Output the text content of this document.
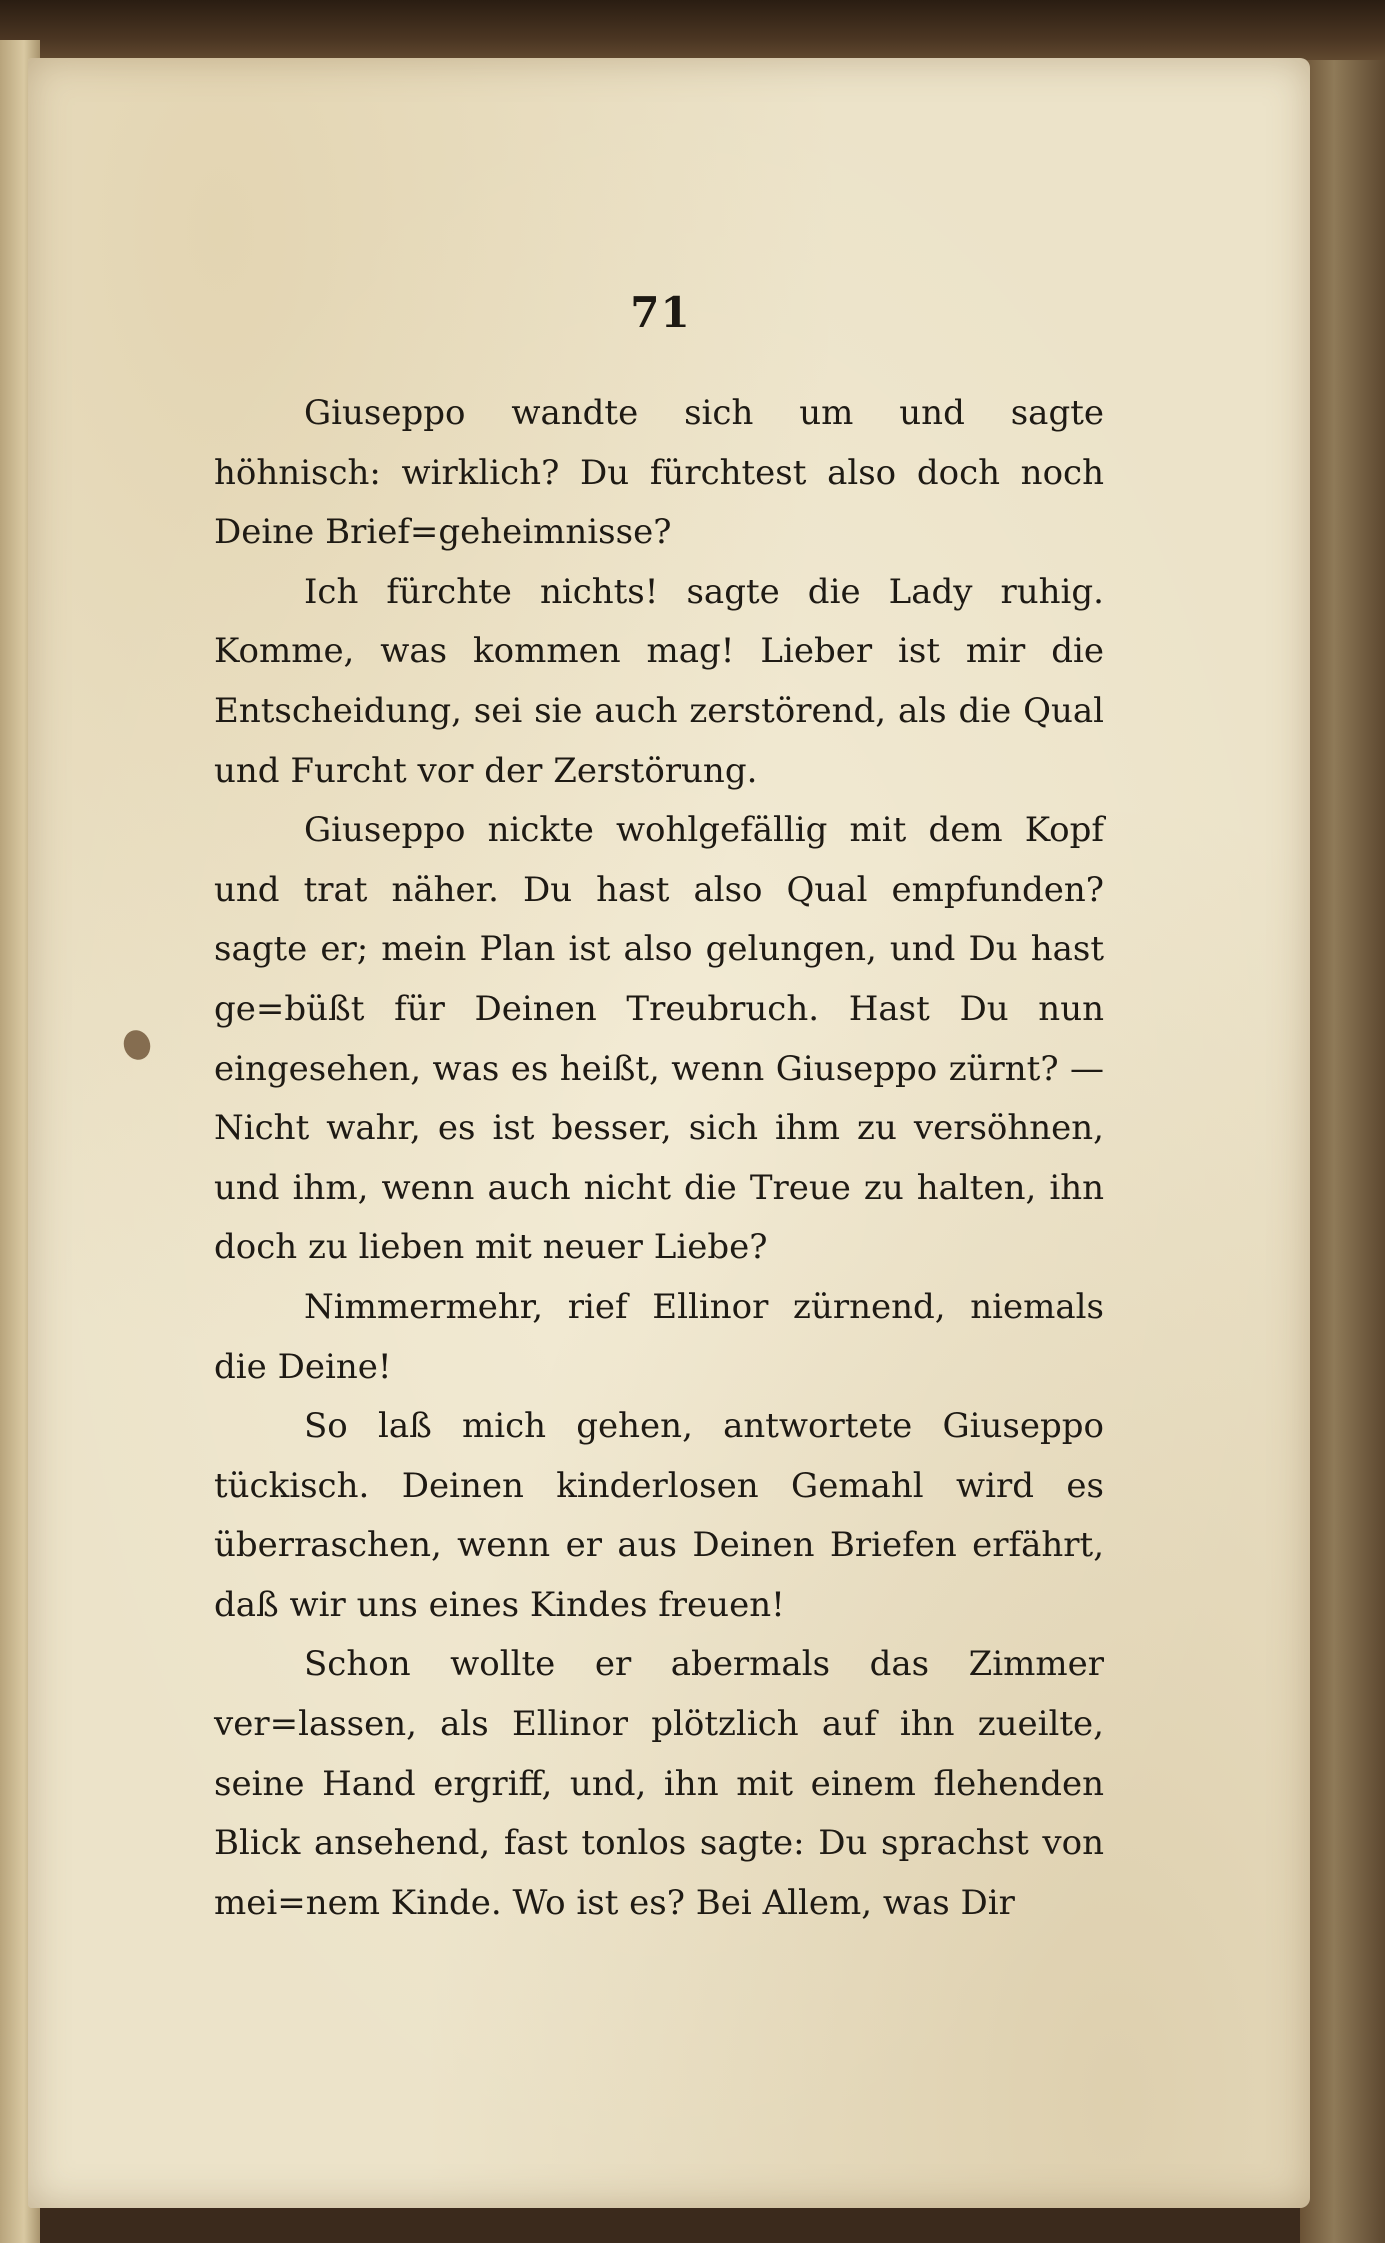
71

Giuseppo wandte sich um und sagte höhnisch: wirklich? Du fürchtest also doch noch Deine Brief=geheimnisse?

Ich fürchte nichts! sagte die Lady ruhig. Komme, was kommen mag! Lieber ist mir die Entscheidung, sei sie auch zerstörend, als die Qual und Furcht vor der Zerstörung.

Giuseppo nickte wohlgefällig mit dem Kopf und trat näher. Du hast also Qual empfunden? sagte er; mein Plan ist also gelungen, und Du hast ge=büßt für Deinen Treubruch. Hast Du nun eingesehen, was es heißt, wenn Giuseppo zürnt? — Nicht wahr, es ist besser, sich ihm zu versöhnen, und ihm, wenn auch nicht die Treue zu halten, ihn doch zu lieben mit neuer Liebe?

Nimmermehr, rief Ellinor zürnend, niemals die Deine!

So laß mich gehen, antwortete Giuseppo tückisch. Deinen kinderlosen Gemahl wird es überraschen, wenn er aus Deinen Briefen erfährt, daß wir uns eines Kindes freuen!

Schon wollte er abermals das Zimmer ver=lassen, als Ellinor plötzlich auf ihn zueilte, seine Hand ergriff, und, ihn mit einem flehenden Blick ansehend, fast tonlos sagte: Du sprachst von mei=nem Kinde. Wo ist es? Bei Allem, was Dir
